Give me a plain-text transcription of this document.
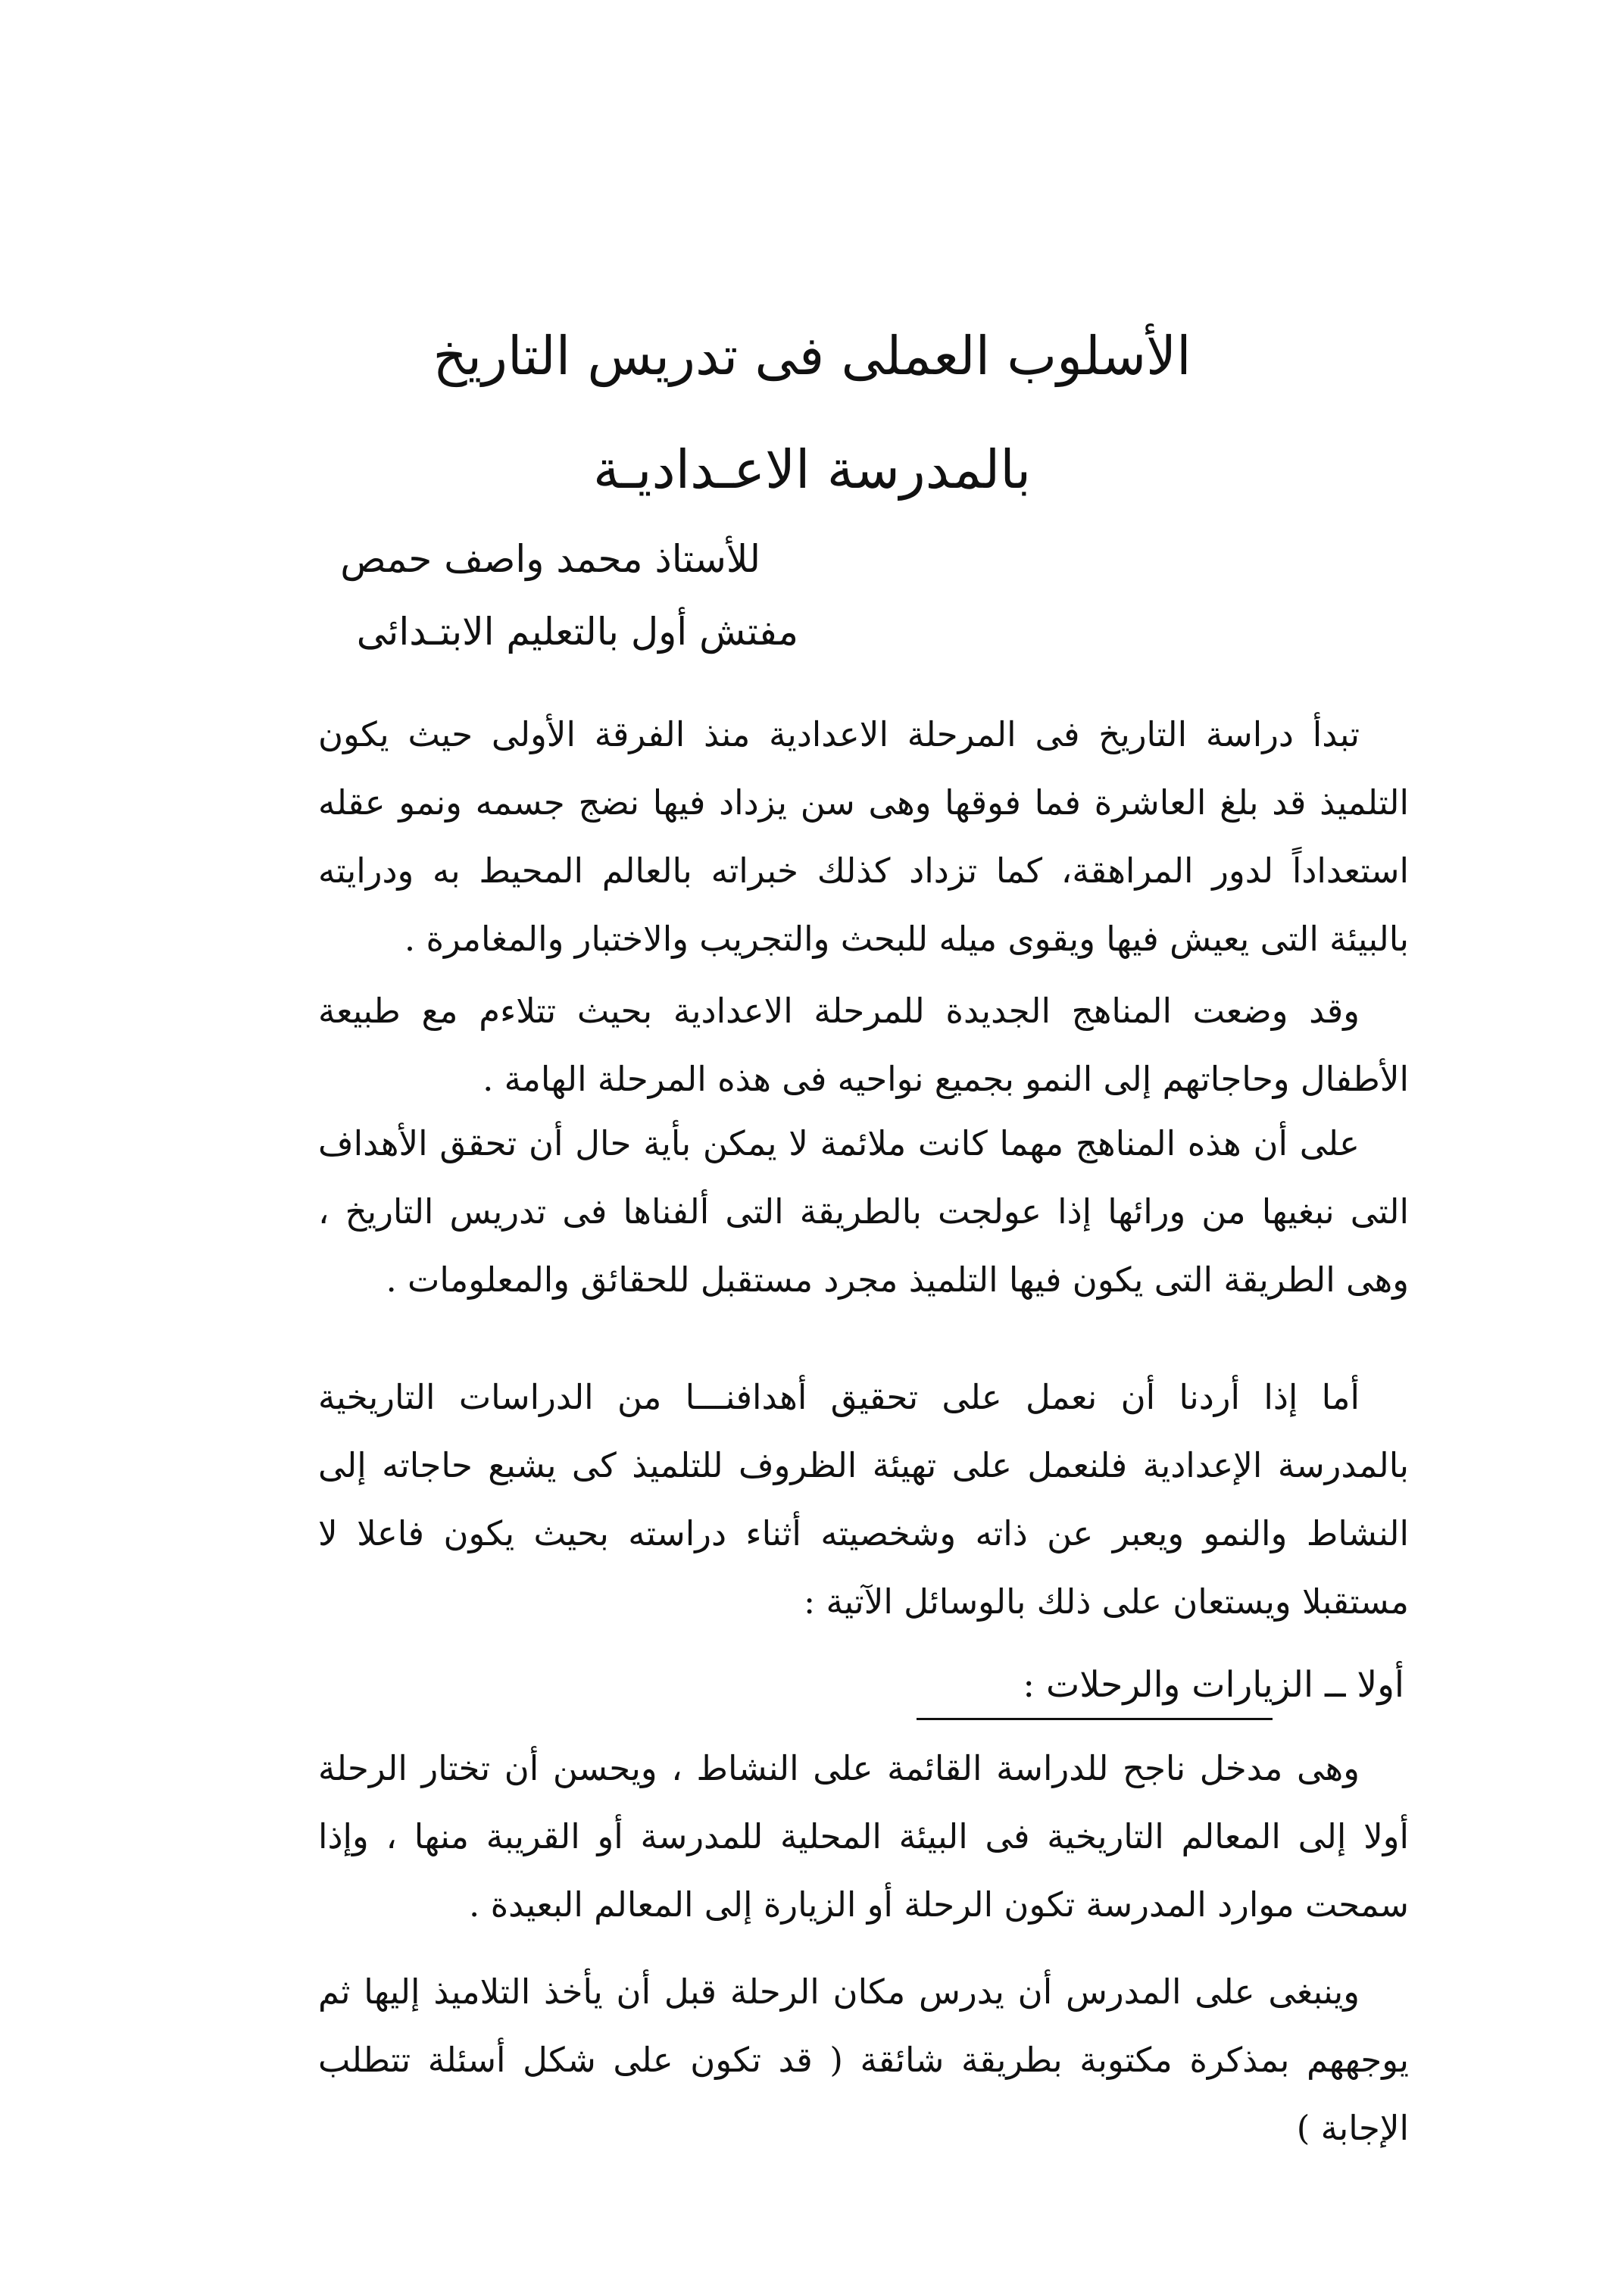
الأسلوب العملى فى تدريس التاريخ
بالمدرسة الاعـداديـة
للأستاذ محمد واصف حمص
مفتش أول بالتعليم الابتـدائى

تبدأ دراسة التاريخ فى المرحلة الاعدادية منذ الفرقة الأولى حيث يكون التلميذ قد بلغ العاشرة فما فوقها وهى سن يزداد فيها نضج جسمه ونمو عقله استعداداً لدور المراهقة، كما تزداد كذلك خبراته بالعالم المحيط به ودرايته بالبيئة التى يعيش فيها ويقوى ميله للبحث والتجريب والاختبار والمغامرة .

وقد وضعت المناهج الجديدة للمرحلة الاعدادية بحيث تتلاءم مع طبيعة الأطفال وحاجاتهم إلى النمو بجميع نواحيه فى هذه المرحلة الهامة .

على أن هذه المناهج مهما كانت ملائمة لا يمكن بأية حال أن تحقق الأهداف التى نبغيها من ورائها إذا عولجت بالطريقة التى ألفناها فى تدريس التاريخ ، وهى الطريقة التى يكون فيها التلميذ مجرد مستقبل للحقائق والمعلومات .

أما إذا أردنا أن نعمل على تحقيق أهدافنـــا من الدراسات التاريخية بالمدرسة الإعدادية فلنعمل على تهيئة الظروف للتلميذ كى يشبع حاجاته إلى النشاط والنمو ويعبر عن ذاته وشخصيته أثناء دراسته بحيث يكون فاعلا لا مستقبلا ويستعان على ذلك بالوسائل الآتية :

أولا ــ الزيارات والرحلات :

وهى مدخل ناجح للدراسة القائمة على النشاط ، ويحسن أن تختار الرحلة أولا إلى المعالم التاريخية فى البيئة المحلية للمدرسة أو القريبة منها ، وإذا سمحت موارد المدرسة تكون الرحلة أو الزيارة إلى المعالم البعيدة .

وينبغى على المدرس أن يدرس مكان الرحلة قبل أن يأخذ التلاميذ إليها ثم يوجههم بمذكرة مكتوبة بطريقة شائقة ( قد تكون على شكل أسئلة تتطلب الإجابة )
